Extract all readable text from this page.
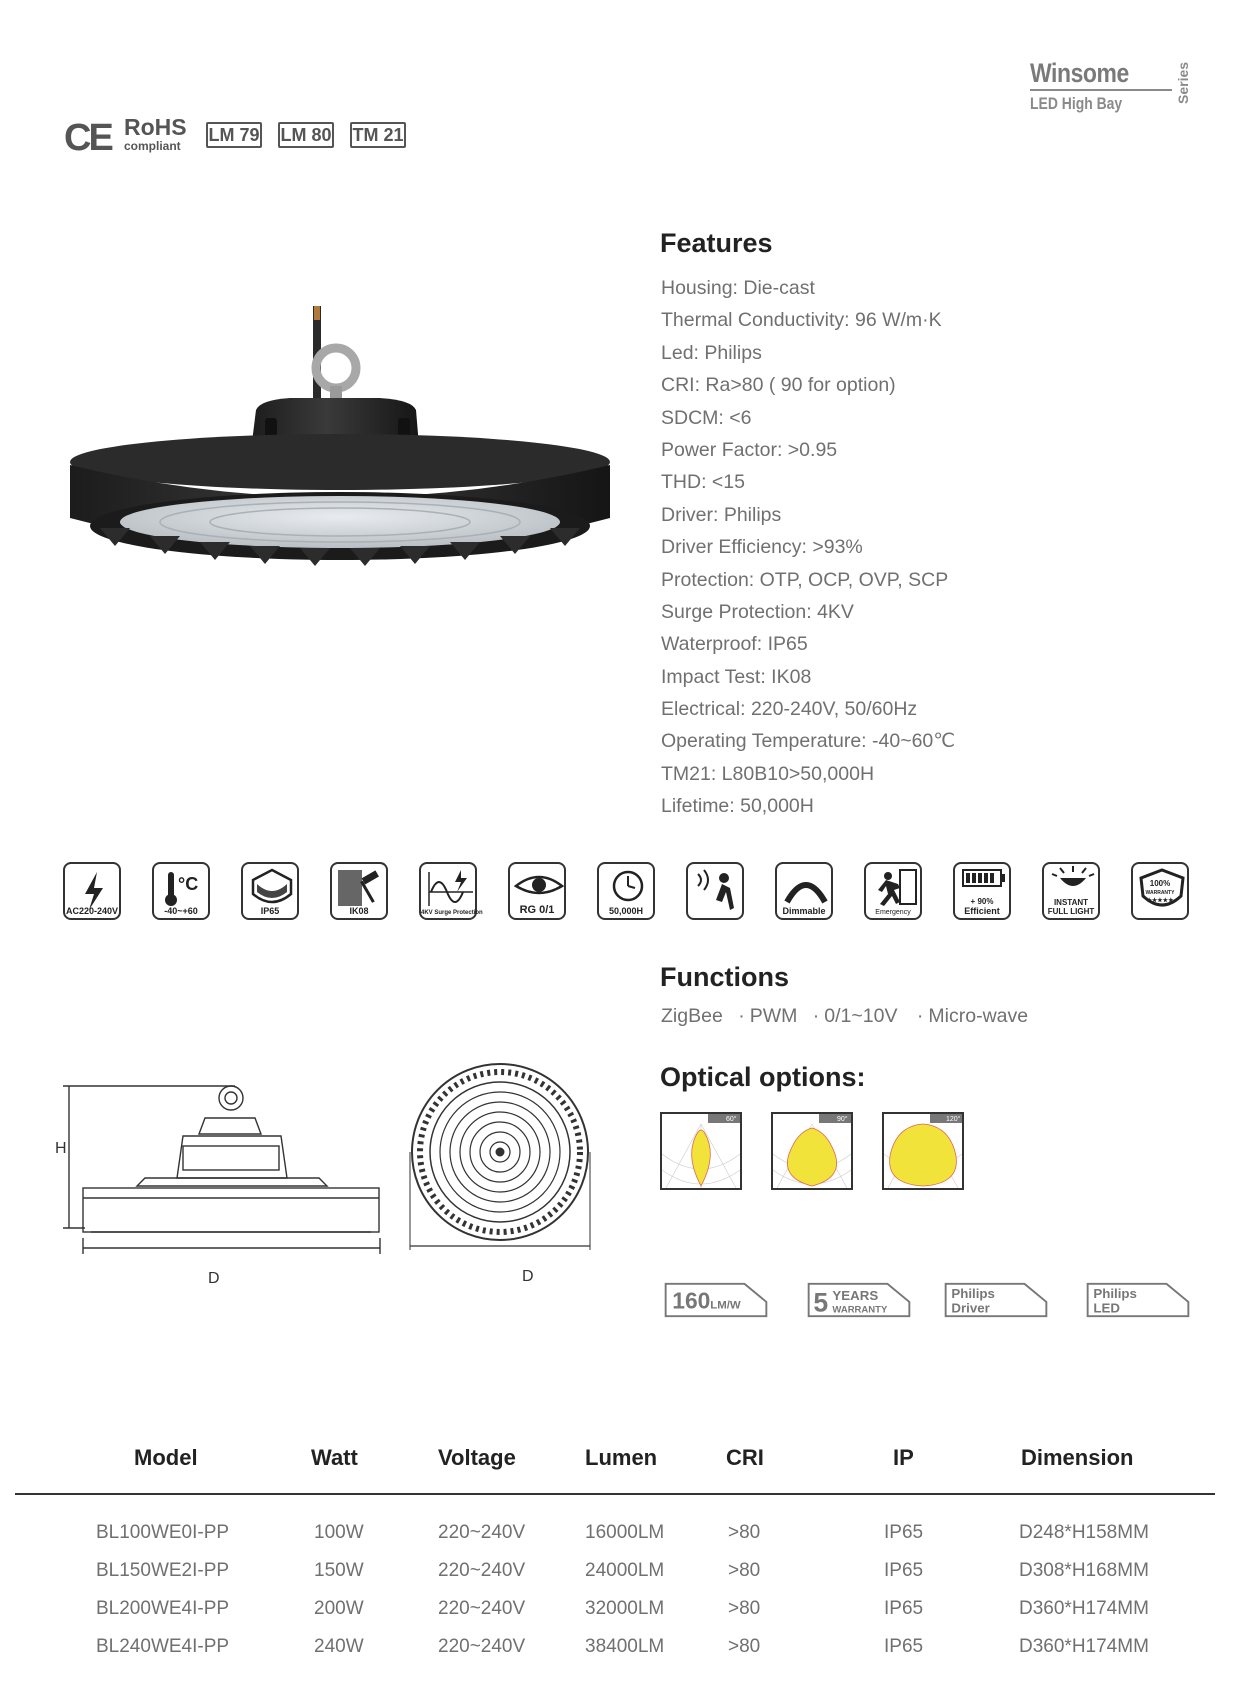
Winsome
LED High Bay	Series
CE RoHS
compliant
LM 79 LM 80 TM 21
Features
Housing: Die-cast
Thermal Conductivity: 96 W/m·K
Led: Philips
CRI: Ra>80 ( 90 for option)
SDCM: <6
Power Factor: >0.95
THD: <15
Driver: Philips
Driver Efficiency: >93%
Protection: OTP, OCP, OVP, SCP
Surge Protection: 4KV
Waterproof: IP65
Impact Test: IK08
Electrical: 220-240V, 50/60Hz
Operating Temperature: -40~60℃
TM21: L80B10>50,000H
Lifetime: 50,000H
AC220-240V
°C
-40~+60	IP65	IK08	4KV Surge Protection	RG 0/1	50,000H	Dimmable	Emergency
+ 90%
Efficient
INSTANT
FULL LIGHT
100%
WARRANTY
★★★★★
Functions
ZigBee · PWM · 0/1~10V · Micro-wave
Optical options:
60°	90°	120°
H
D	D
160 LM/W	5 YEARS
WARRANTY
Philips
Driver
Philips
LED
Model	Watt	Voltage	Lumen	CRI	IP	Dimension
BL100WE0I-PP	100W	220~240V	16000LM	>80	IP65	D248*H158MM
BL150WE2I-PP	150W	220~240V	24000LM	>80	IP65	D308*H168MM
BL200WE4I-PP	200W	220~240V	32000LM	>80	IP65	D360*H174MM
BL240WE4I-PP	240W	220~240V	38400LM	>80	IP65	D360*H174MM
